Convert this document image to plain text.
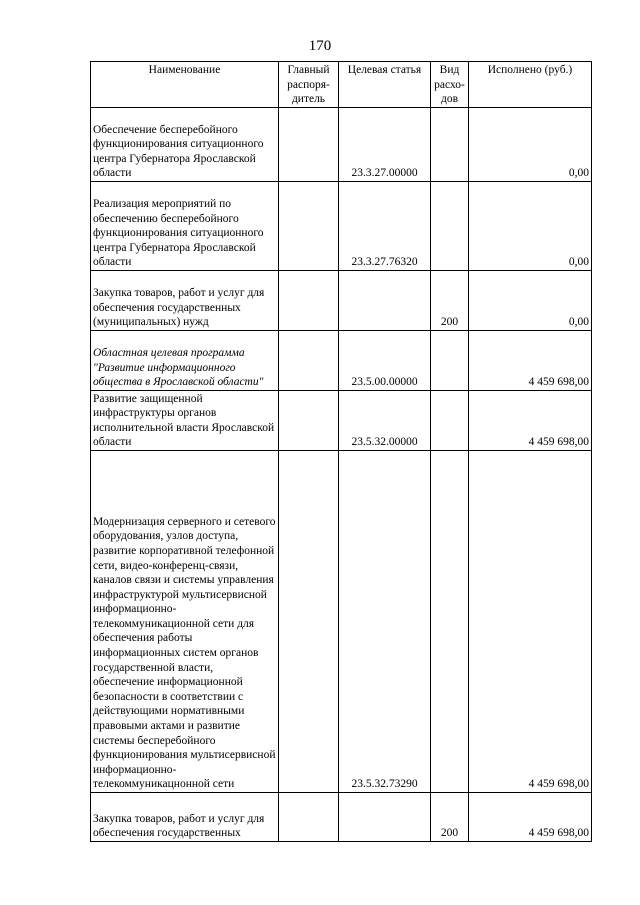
170
Наименование	Главный распоря-дитель	Целевая статья	Вид расхо-дов	Исполнено (руб.)
Обеспечение бесперебойного функционирования ситуационного центра Губернатора Ярославской области		23.3.27.00000		0,00
Реализация мероприятий по обеспечению бесперебойного функционирования ситуационного центра Губернатора Ярославской области		23.3.27.76320		0,00
Закупка товаров, работ и услуг для обеспечения государственных (муниципальных) нужд			200	0,00
Областная целевая программа "Развитие информационного общества в Ярославской области"		23.5.00.00000		4 459 698,00
Развитие защищенной инфраструктуры органов исполнительной власти Ярославской области		23.5.32.00000		4 459 698,00
Модернизация серверного и сетевого оборудования, узлов доступа, развитие корпоративной телефонной сети, видео-конференц-связи, каналов связи и системы управления инфраструктурой мультисервисной информационно-телекоммуникационной сети для обеспечения работы информационных систем органов государственной власти, обеспечение информационной безопасности в соответствии с действующими нормативными правовыми актами и развитие системы бесперебойного функционирования мультисервисной информационно-телекоммуникацнонной сети		23.5.32.73290		4 459 698,00
Закупка товаров, работ и услуг для обеспечения государственных			200	4 459 698,00
